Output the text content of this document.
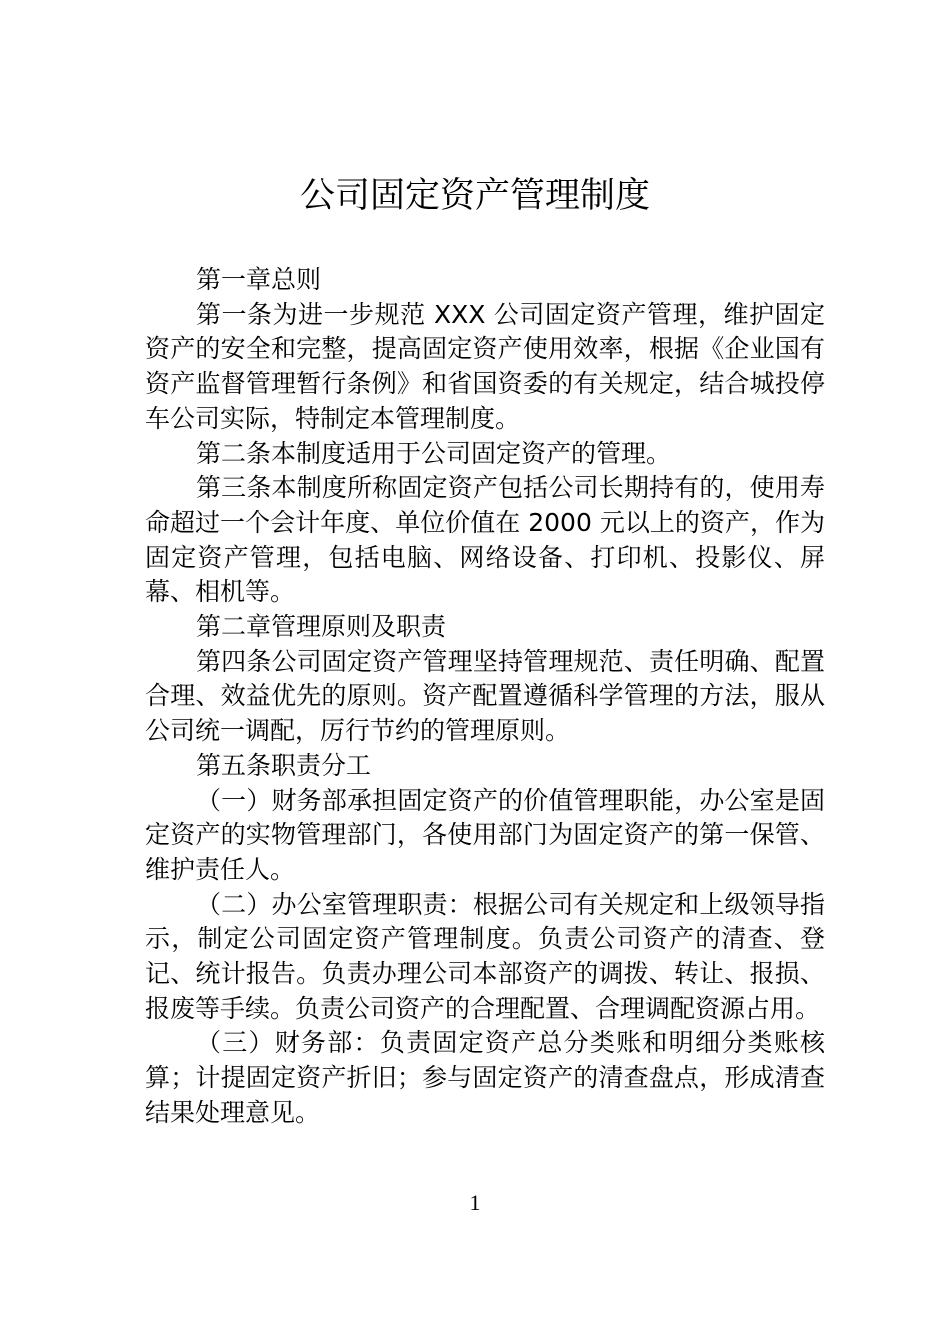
公司固定资产管理制度

第一章总则

第一条为进一步规范 XXX 公司固定资产管理，维护固定资产的安全和完整，提高固定资产使用效率，根据《企业国有资产监督管理暂行条例》和省国资委的有关规定，结合城投停车公司实际，特制定本管理制度。

第二条本制度适用于公司固定资产的管理。

第三条本制度所称固定资产包括公司长期持有的，使用寿命超过一个会计年度、单位价值在 2000 元以上的资产，作为固定资产管理，包括电脑、网络设备、打印机、投影仪、屏幕、相机等。

第二章管理原则及职责

第四条公司固定资产管理坚持管理规范、责任明确、配置合理、效益优先的原则。资产配置遵循科学管理的方法，服从公司统一调配，厉行节约的管理原则。

第五条职责分工

（一）财务部承担固定资产的价值管理职能，办公室是固定资产的实物管理部门，各使用部门为固定资产的第一保管、维护责任人。

（二）办公室管理职责：根据公司有关规定和上级领导指示，制定公司固定资产管理制度。负责公司资产的清查、登记、统计报告。负责办理公司本部资产的调拨、转让、报损、报废等手续。负责公司资产的合理配置、合理调配资源占用。

（三）财务部：负责固定资产总分类账和明细分类账核算；计提固定资产折旧；参与固定资产的清查盘点，形成清查结果处理意见。

1
